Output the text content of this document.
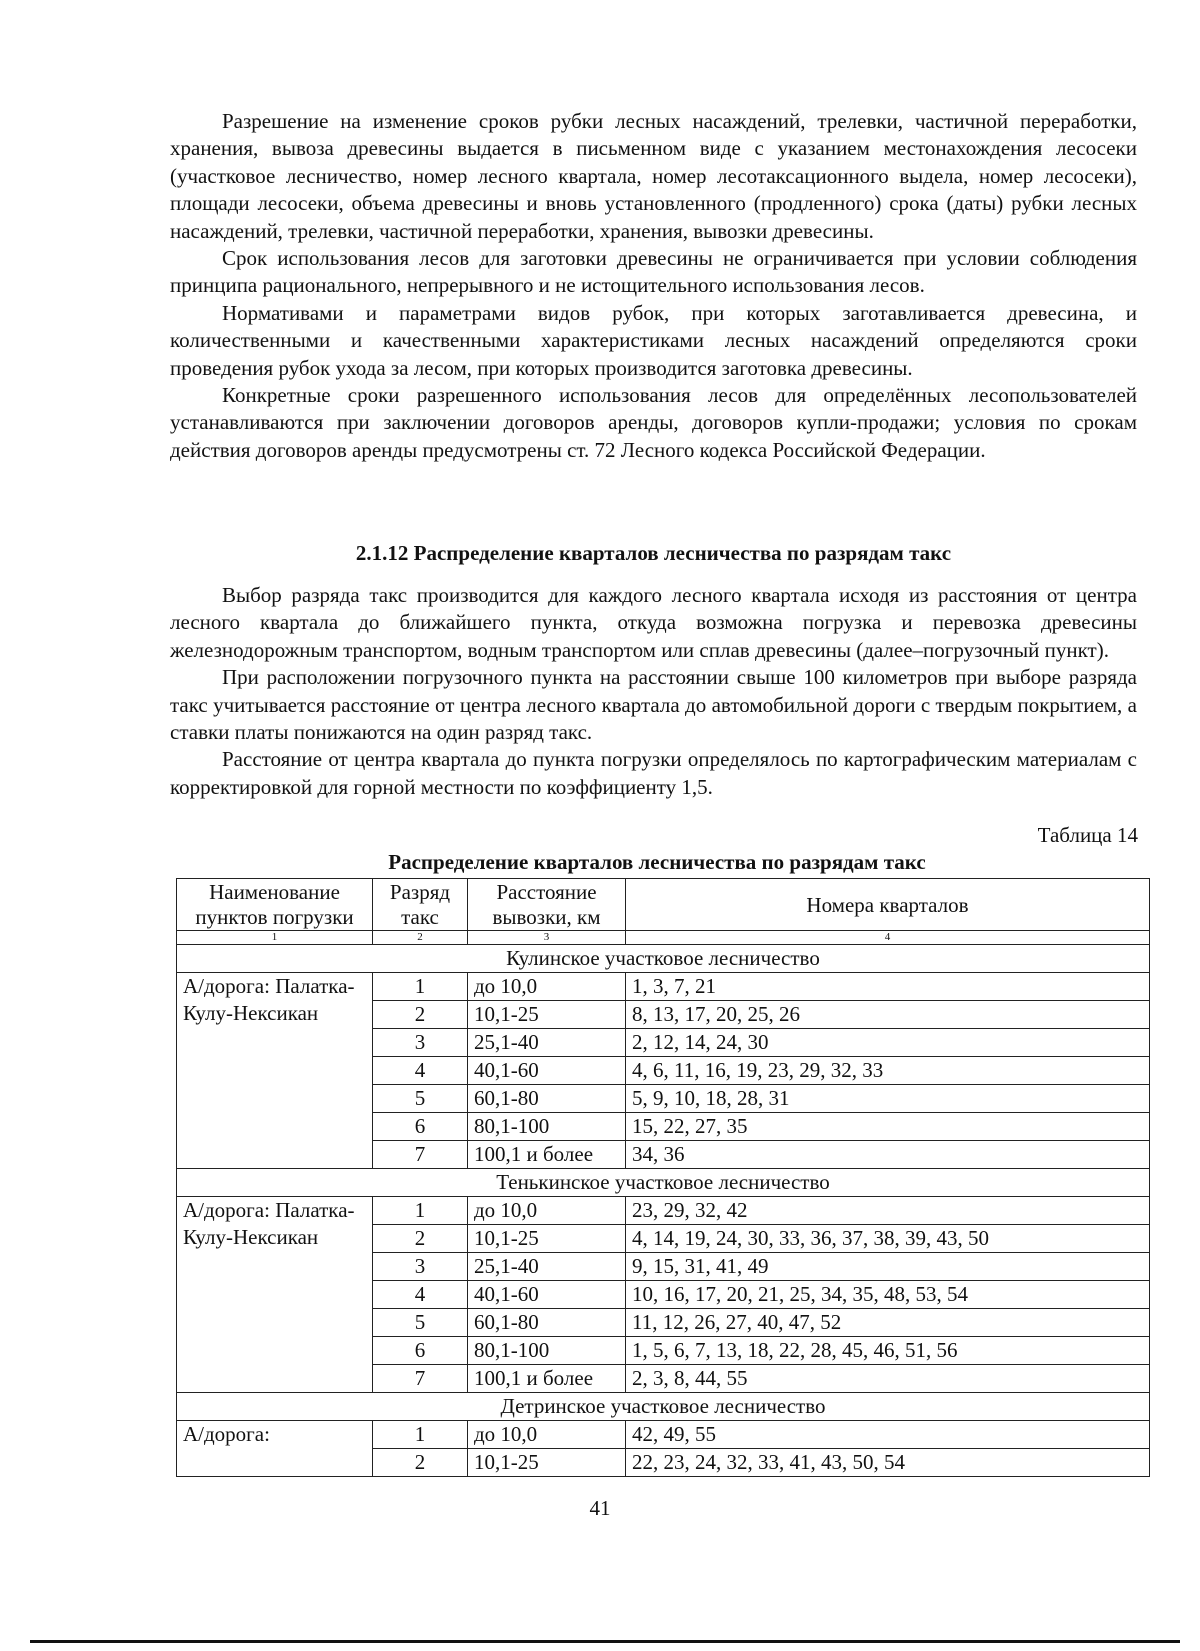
Разрешение на изменение сроков рубки лесных насаждений, трелевки, частичной переработки, хранения, вывоза древесины выдается в письменном виде с указанием местонахождения лесосеки (участковое лесничество, номер лесного квартала, номер лесотаксационного выдела, номер лесосеки), площади лесосеки, объема древесины и вновь установленного (продленного) срока (даты) рубки лесных насаждений, трелевки, частичной переработки, хранения, вывозки древесины.

Срок использования лесов для заготовки древесины не ограничивается при условии соблюдения принципа рационального, непрерывного и не истощительного использования лесов.

Нормативами и параметрами видов рубок, при которых заготавливается древесина, и количественными и качественными характеристиками лесных насаждений определяются сроки проведения рубок ухода за лесом, при которых производится заготовка древесины.

Конкретные сроки разрешенного использования лесов для определённых лесопользователей устанавливаются при заключении договоров аренды, договоров купли-продажи; условия по срокам действия договоров аренды предусмотрены ст. 72 Лесного кодекса Российской Федерации.

2.1.12 Распределение кварталов лесничества по разрядам такс

Выбор разряда такс производится для каждого лесного квартала исходя из расстояния от центра лесного квартала до ближайшего пункта, откуда возможна погрузка и перевозка древесины железнодорожным транспортом, водным транспортом или сплав древесины (далее–погрузочный пункт).

При расположении погрузочного пункта на расстоянии свыше 100 километров при выборе разряда такс учитывается расстояние от центра лесного квартала до автомобильной дороги с твердым покрытием, а ставки платы понижаются на один разряд такс.

Расстояние от центра квартала до пункта погрузки определялось по картографическим материалам с корректировкой для горной местности по коэффициенту 1,5.

Таблица 14
Распределение кварталов лесничества по разрядам такс
Наименование пунктов погрузки	Разряд такс	Расстояние вывозки, км	Номера кварталов
1	2	3	4
Кулинское участковое лесничество			
А/дорога: Палатка-Кулу-Нексикан	1	до 10,0	1, 3, 7, 21
	2	10,1-25	8, 13, 17, 20, 25, 26
	3	25,1-40	2, 12, 14, 24, 30
	4	40,1-60	4, 6, 11, 16, 19, 23, 29, 32, 33
	5	60,1-80	5, 9, 10, 18, 28, 31
	6	80,1-100	15, 22, 27, 35
	7	100,1 и более	34, 36
Тенькинское участковое лесничество			
А/дорога: Палатка-Кулу-Нексикан	1	до 10,0	23, 29, 32, 42
	2	10,1-25	4, 14, 19, 24, 30, 33, 36, 37, 38, 39, 43, 50
	3	25,1-40	9, 15, 31, 41, 49
	4	40,1-60	10, 16, 17, 20, 21, 25, 34, 35, 48, 53, 54
	5	60,1-80	11, 12, 26, 27, 40, 47, 52
	6	80,1-100	1, 5, 6, 7, 13, 18, 22, 28, 45, 46, 51, 56
	7	100,1 и более	2, 3, 8, 44, 55
Детринское участковое лесничество			
А/дорога:	1	до 10,0	42, 49, 55
	2	10,1-25	22, 23, 24, 32, 33, 41, 43, 50, 54
41
